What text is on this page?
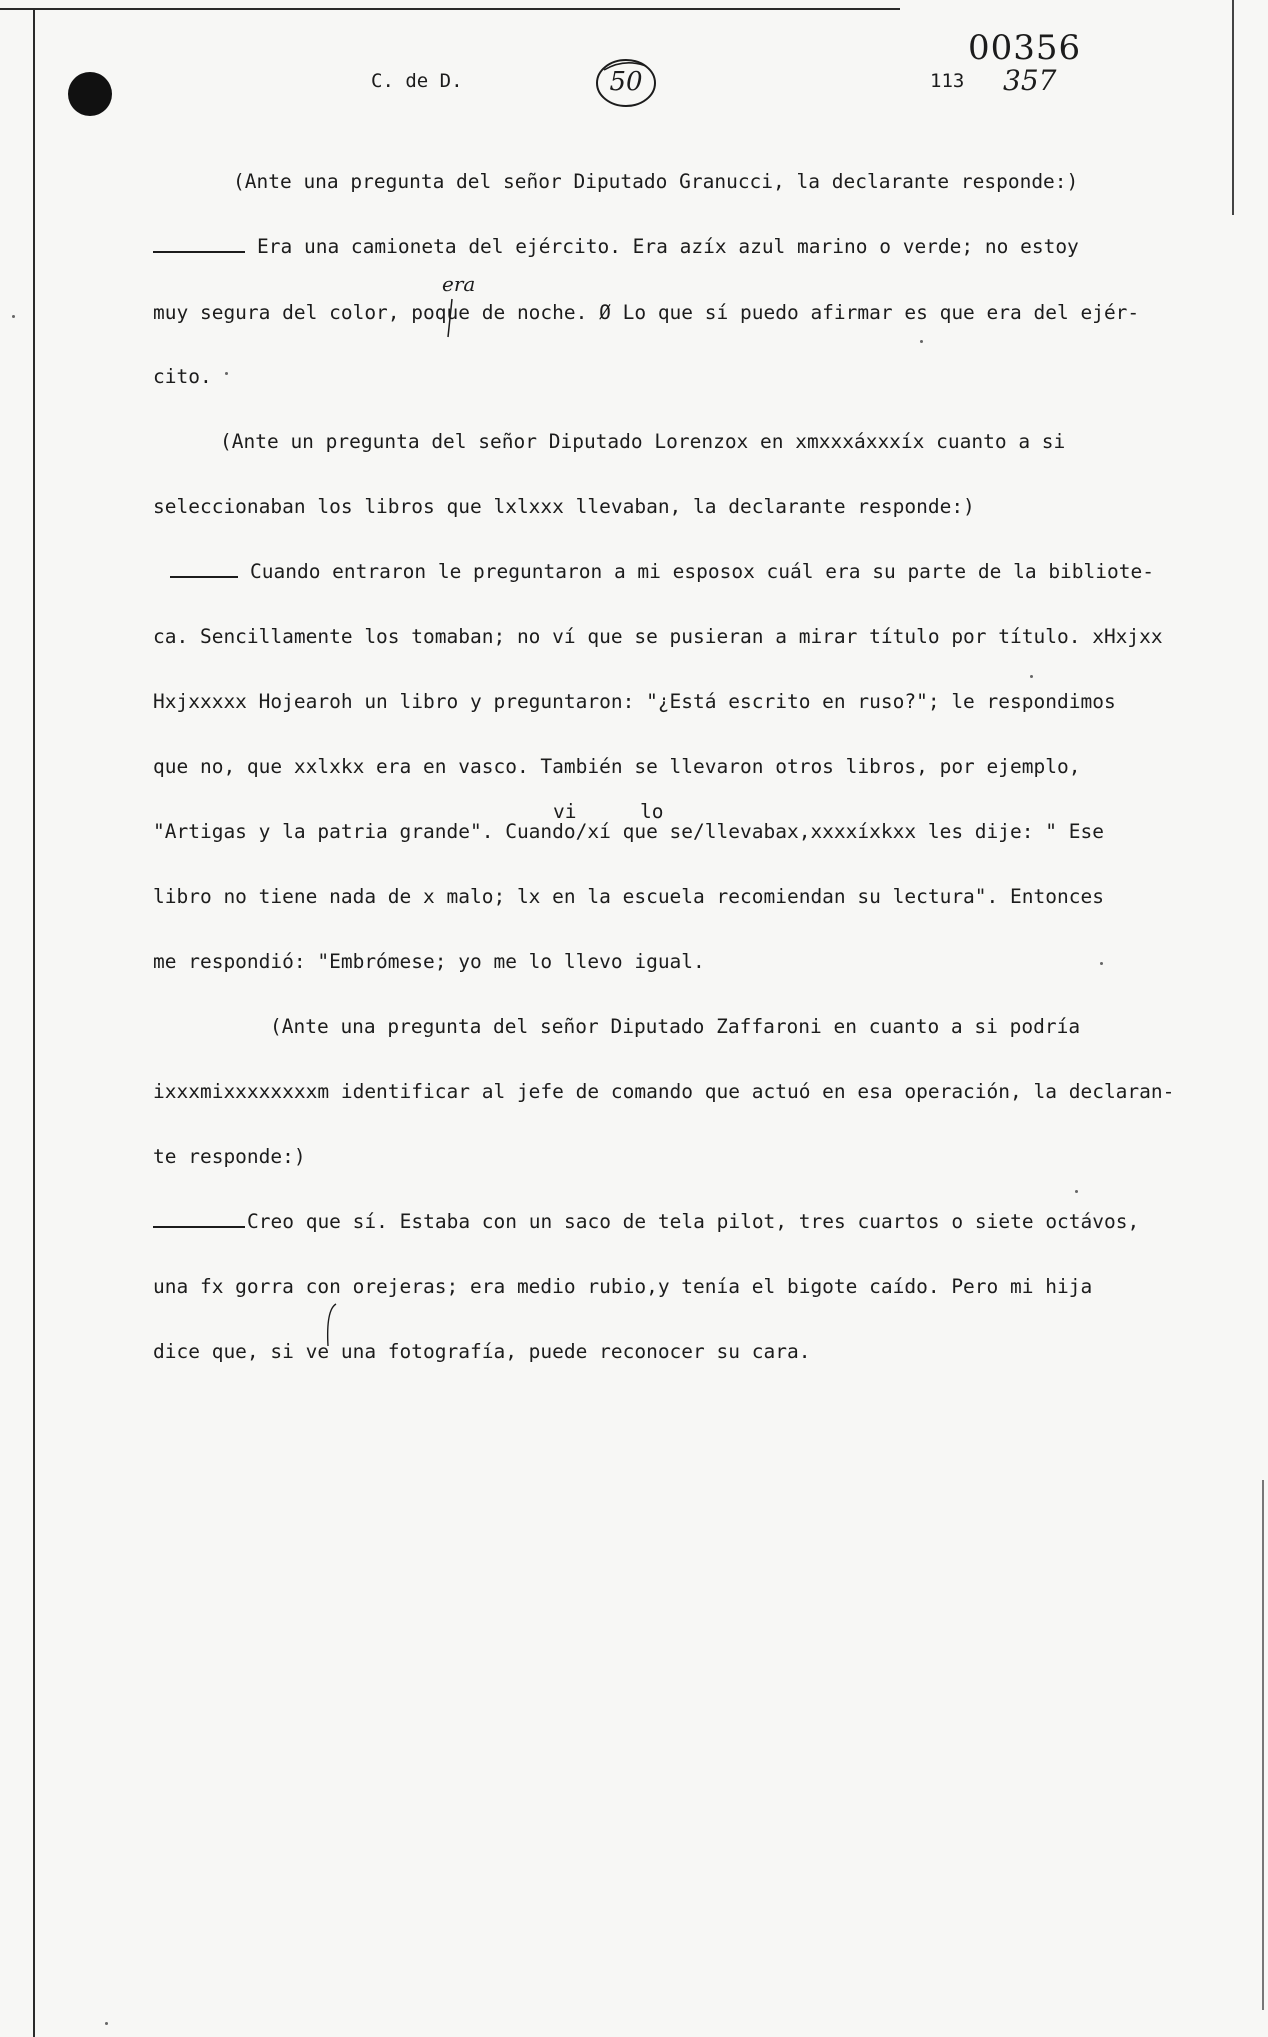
C. de D.	50	113
00356
357
(Ante una pregunta del señor Diputado Granucci, la declarante responde:)
Era una camioneta del ejército. Era azíx azul marino o verde; no estoy
era
muy segura del color, poque de noche. Ø Lo que sí puedo afirmar es que era del ejér-
cito.
(Ante un pregunta del señor Diputado Lorenzox en xmxxxáxxxíx cuanto a si
seleccionaban los libros que lxlxxx llevaban, la declarante responde:)
Cuando entraron le preguntaron a mi esposox cuál era su parte de la bibliote-
ca. Sencillamente los tomaban; no ví que se pusieran a mirar título por título. xHxjxx
Hxjxxxxx Hojearoh un libro y preguntaron: "¿Está escrito en ruso?"; le respondimos
que no, que xxlxkx era en vasco. También se llevaron otros libros, por ejemplo,
vi	lo
"Artigas y la patria grande". Cuando/xí que se/llevabax,xxxxíxkxx les dije: " Ese
libro no tiene nada de x malo; lx en la escuela recomiendan su lectura". Entonces
me respondió: "Embrómese; yo me lo llevo igual.
(Ante una pregunta del señor Diputado Zaffaroni en cuanto a si podría
ixxxmixxxxxxxxm identificar al jefe de comando que actuó en esa operación, la declaran-
te responde:)
Creo que sí. Estaba con un saco de tela pilot, tres cuartos o siete octávos,
una fx gorra con orejeras; era medio rubio,y tenía el bigote caído. Pero mi hija
dice que, si ve una fotografía, puede reconocer su cara.
